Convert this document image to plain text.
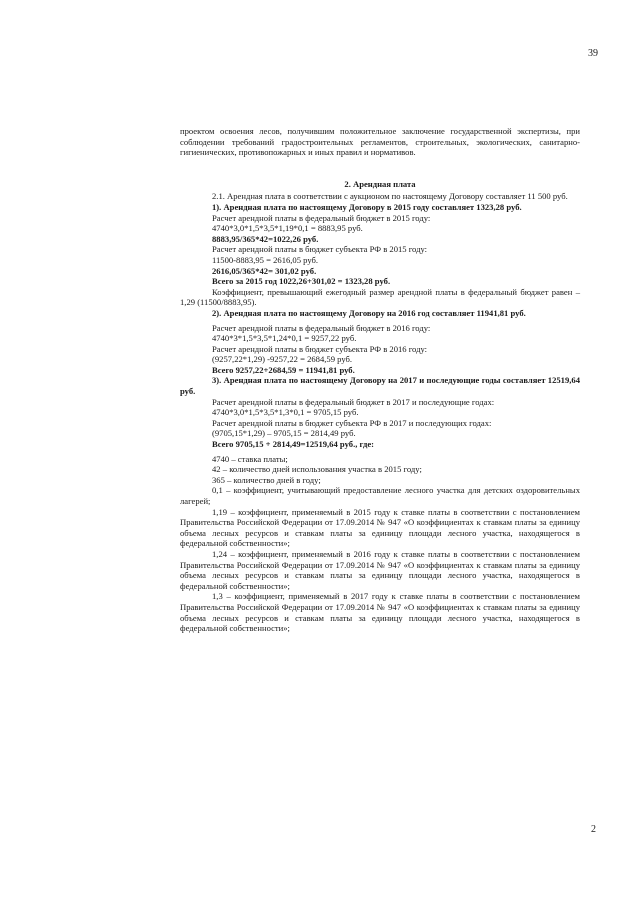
39

проектом освоения лесов, получившим положительное заключение государственной экспертизы, при соблюдении требований градостроительных регламентов, строительных, экологических, санитарно-гигиенических, противопожарных и иных правил и нормативов.

2. Арендная плата

2.1. Арендная плата в соответствии с аукционом по настоящему Договору составляет 11 500 руб.

1). Арендная плата по настоящему Договору в 2015 году составляет 1323,28 руб.

Расчет арендной платы в федеральный бюджет в 2015 году:

4740*3,0*1,5*3,5*1,19*0,1 = 8883,95 руб.

8883,95/365*42=1022,26 руб.

Расчет арендной платы в бюджет субъекта РФ в 2015 году:

11500-8883,95 = 2616,05 руб.

2616,05/365*42= 301,02 руб.

Всего за 2015 год 1022,26+301,02 = 1323,28 руб.

Коэффициент, превышающий ежегодный размер арендной платы в федеральный бюджет равен – 1,29 (11500/8883,95).

2). Арендная плата по настоящему Договору на 2016 год составляет 11941,81 руб.

Расчет арендной платы в федеральный бюджет в 2016 году:

4740*3*1,5*3,5*1,24*0,1 = 9257,22 руб.

Расчет арендной платы в бюджет субъекта РФ в 2016 году:

(9257,22*1,29) -9257,22 = 2684,59 руб.

Всего 9257,22+2684,59 = 11941,81 руб.

3). Арендная плата по настоящему Договору на 2017 и последующие годы составляет 12519,64 руб.

Расчет арендной платы в федеральный бюджет в 2017 и последующие годах:

4740*3,0*1,5*3,5*1,3*0,1 = 9705,15 руб.

Расчет арендной платы в бюджет субъекта РФ в 2017 и последующих годах:

(9705,15*1,29) – 9705,15 = 2814,49 руб.

Всего 9705,15 + 2814,49=12519,64 руб., где:

4740 – ставка платы;

42 – количество дней использования участка в 2015 году;

365 – количество дней в году;

0,1 – коэффициент, учитывающий предоставление лесного участка для детских оздоровительных лагерей;

1,19 – коэффициент, применяемый в 2015 году к ставке платы в соответствии с постановлением Правительства Российской Федерации от 17.09.2014 № 947 «О коэффициентах к ставкам платы за единицу объема лесных ресурсов и ставкам платы за единицу площади лесного участка, находящегося в федеральной собственности»;

1,24 – коэффициент, применяемый в 2016 году к ставке платы в соответствии с постановлением Правительства Российской Федерации от 17.09.2014 № 947 «О коэффициентах к ставкам платы за единицу объема лесных ресурсов и ставкам платы за единицу площади лесного участка, находящегося в федеральной собственности»;

1,3 – коэффициент, применяемый в 2017 году к ставке платы в соответствии с постановлением Правительства Российской Федерации от 17.09.2014 № 947 «О коэффициентах к ставкам платы за единицу объема лесных ресурсов и ставкам платы за единицу площади лесного участка, находящегося в федеральной собственности»;

2
